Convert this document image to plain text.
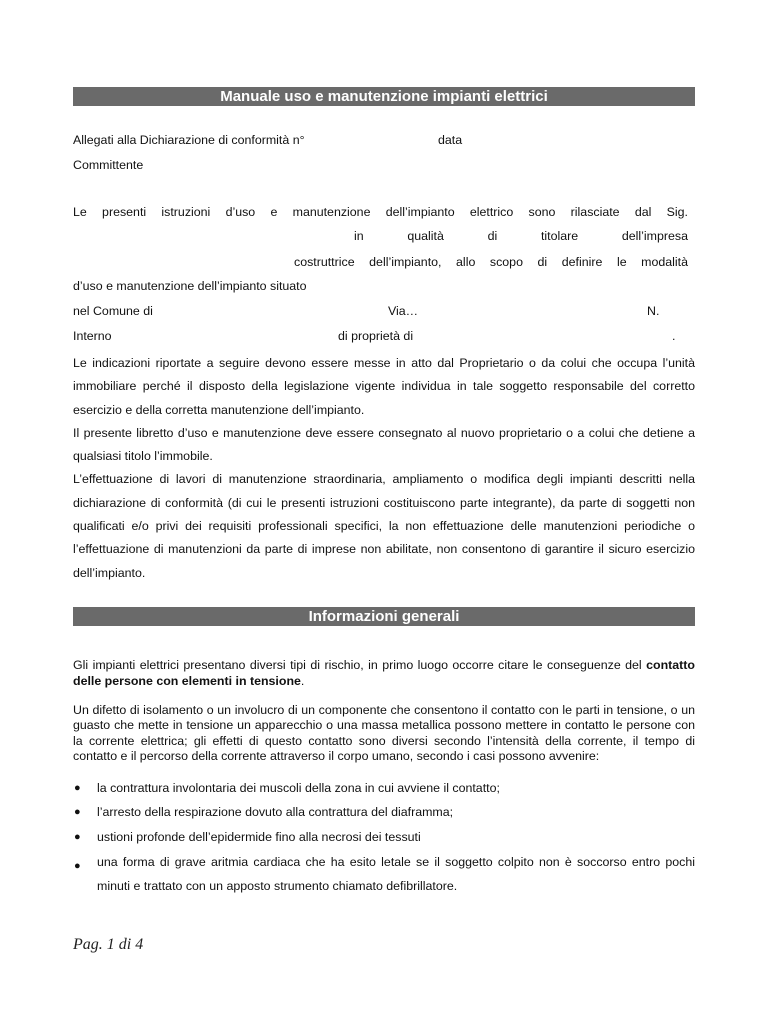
Manuale uso e manutenzione impianti elettrici
Allegati alla Dichiarazione di conformità n°	data
Committente
Le presenti istruzioni d’uso e manutenzione dell’impianto elettrico sono rilasciate dal Sig.
in qualità di titolare dell’impresa
costruttrice dell’impianto, allo scopo di definire le modalità
d’uso e manutenzione dell’impianto situato
nel Comune di	Via…	N.
Interno	di proprietà di	.

Le indicazioni riportate a seguire devono essere messe in atto dal Proprietario o da colui che occupa l’unità immobiliare perché il disposto della legislazione vigente individua in tale soggetto responsabile del corretto esercizio e della corretta manutenzione dell’impianto.

Il presente libretto d’uso e manutenzione deve essere consegnato al nuovo proprietario o a colui che detiene a qualsiasi titolo l’immobile.

L’effettuazione di lavori di manutenzione straordinaria, ampliamento o modifica degli impianti descritti nella dichiarazione di conformità (di cui le presenti istruzioni costituiscono parte integrante), da parte di soggetti non qualificati e/o privi dei requisiti professionali specifici, la non effettuazione delle manutenzioni periodiche o l’effettuazione di manutenzioni da parte di imprese non abilitate, non consentono di garantire il sicuro esercizio dell’impianto.

Informazioni generali

Gli impianti elettrici presentano diversi tipi di rischio, in primo luogo occorre citare le conseguenze del contatto delle persone con elementi in tensione.

Un difetto di isolamento o un involucro di un componente che consentono il contatto con le parti in tensione, o un guasto che mette in tensione un apparecchio o una massa metallica possono mettere in contatto le persone con la corrente elettrica; gli effetti di questo contatto sono diversi secondo l’intensità della corrente, il tempo di contatto e il percorso della corrente attraverso il corpo umano, secondo i casi possono avvenire:

● la contrattura involontaria dei muscoli della zona in cui avviene il contatto;
● l’arresto della respirazione dovuto alla contrattura del diaframma;
● ustioni profonde dell’epidermide fino alla necrosi dei tessuti
● una forma di grave aritmia cardiaca che ha esito letale se il soggetto colpito non è soccorso entro pochi minuti e trattato con un apposto strumento chiamato defibrillatore.
Pag. 1 di 4
